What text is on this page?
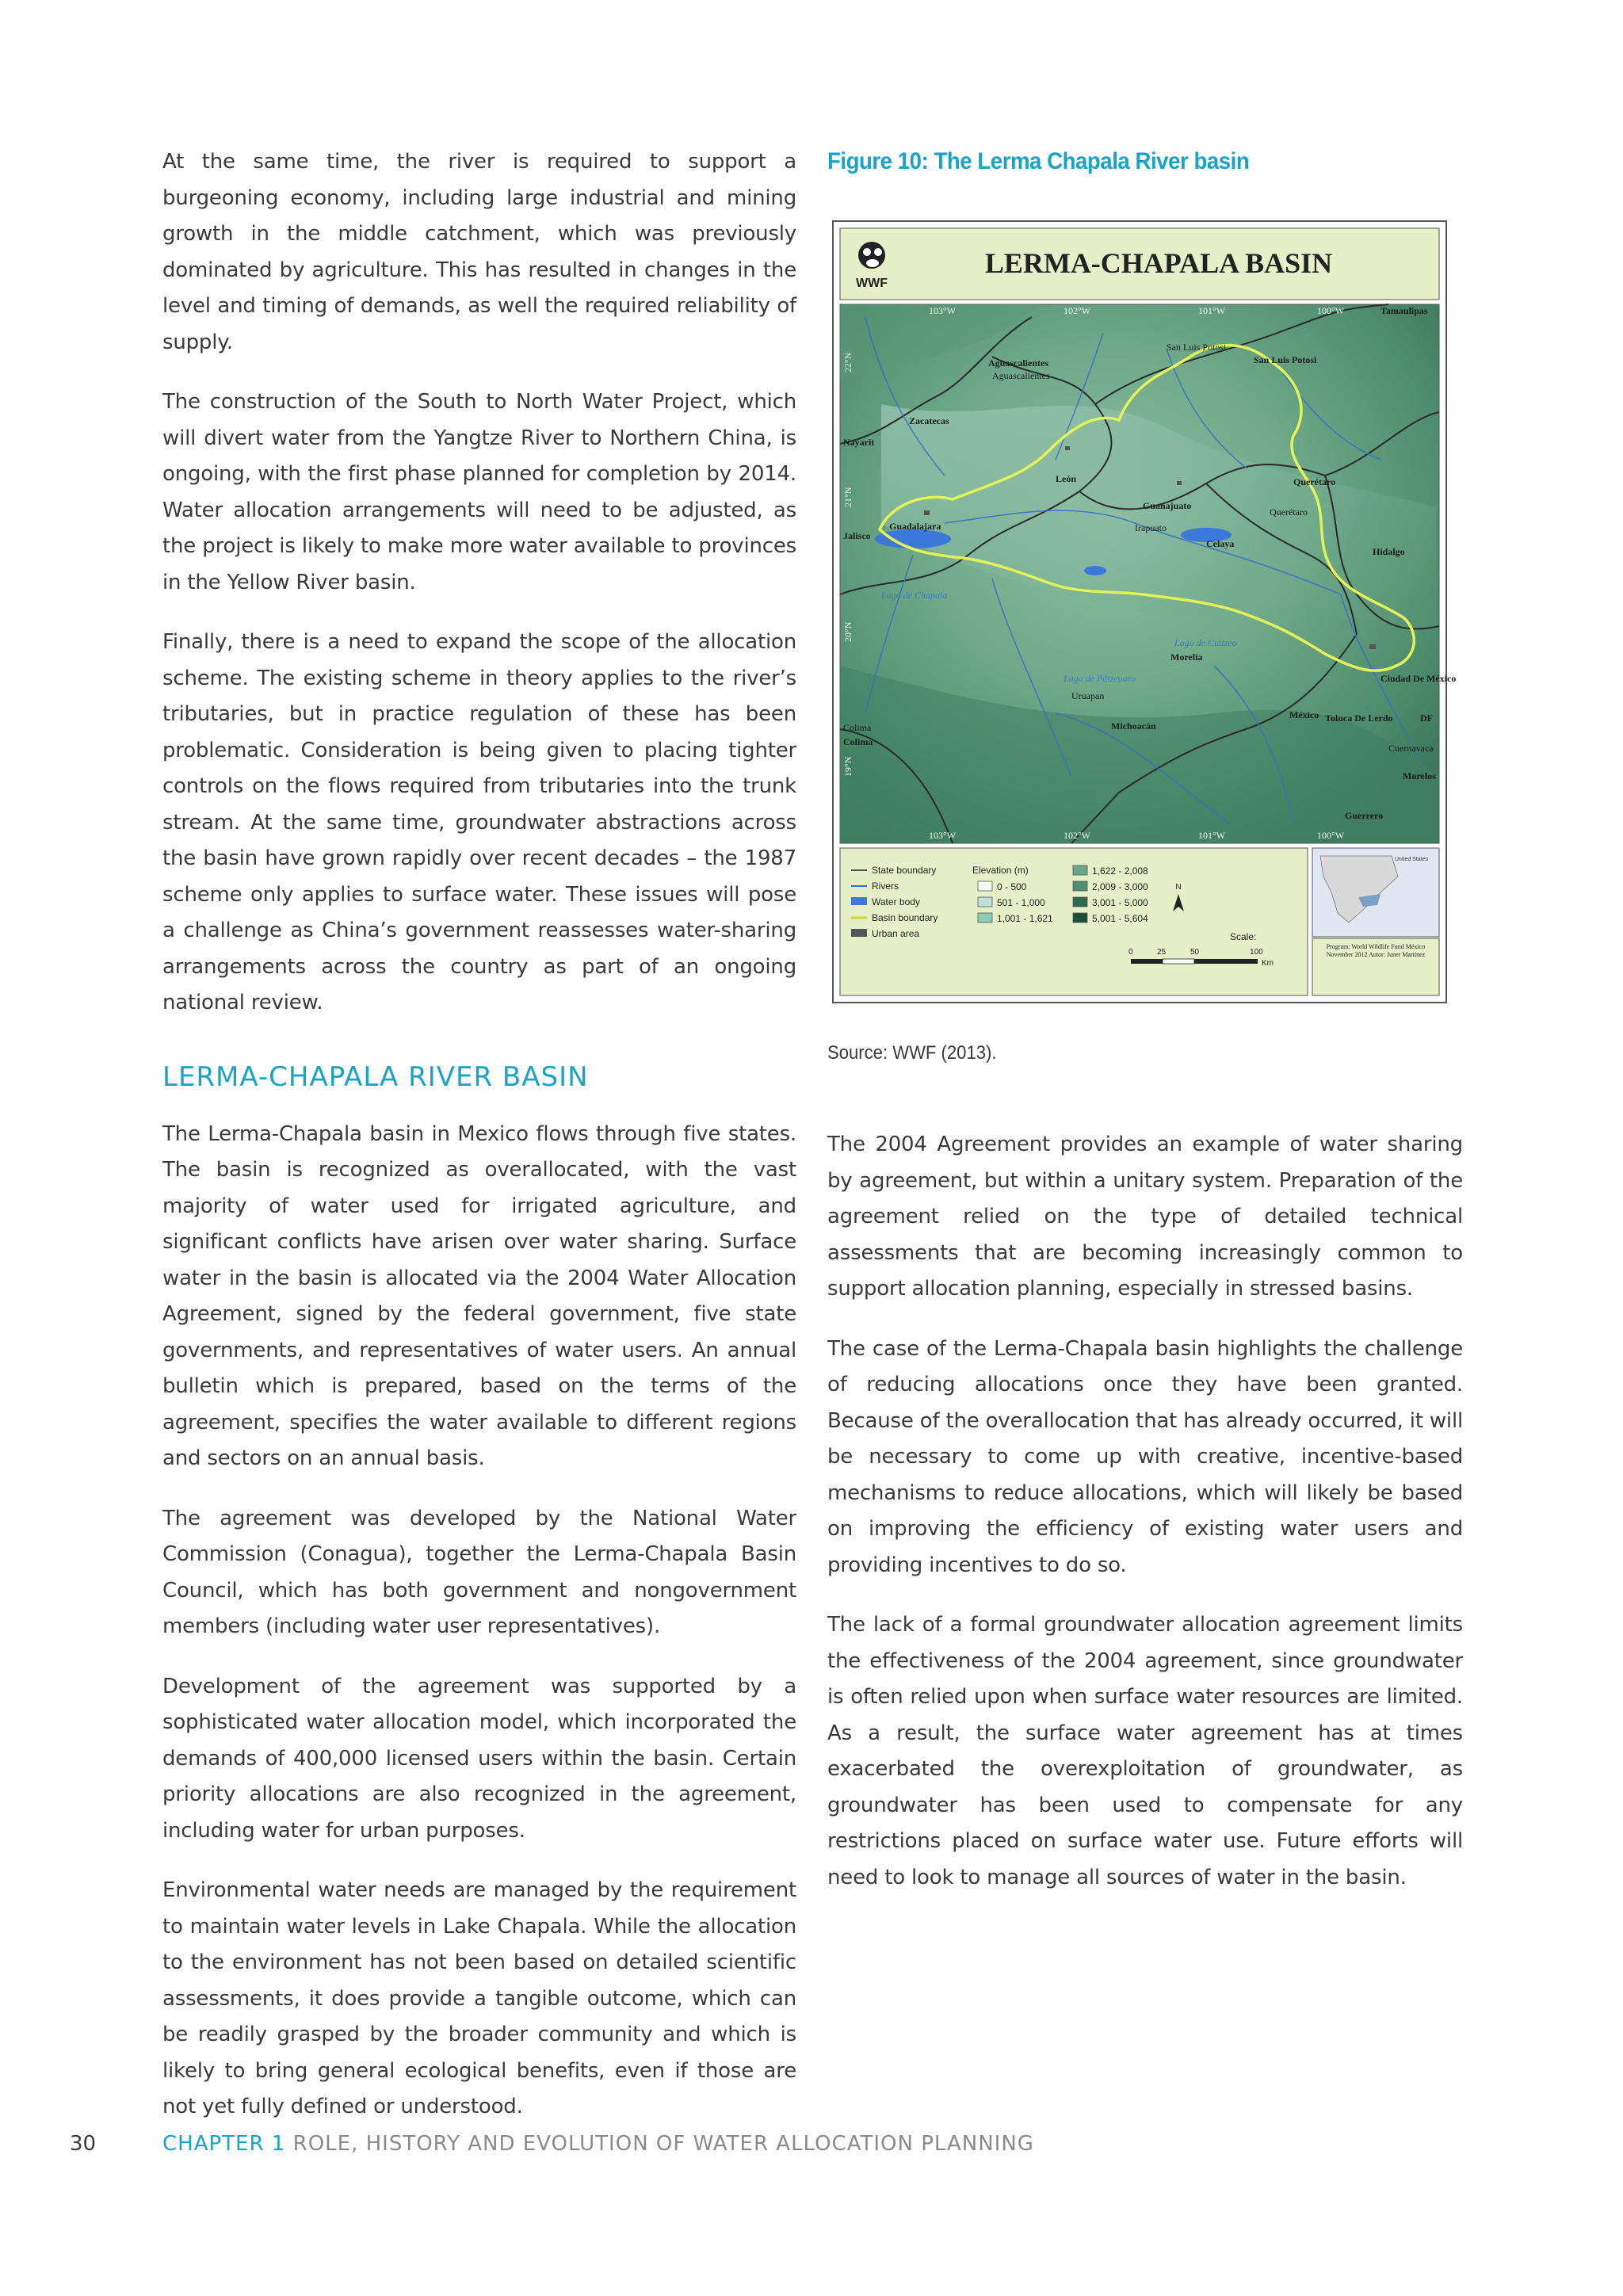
At the same time, the river is required to support a burgeoning economy, including large industrial and mining growth in the middle catchment, which was previously dominated by agriculture. This has resulted in changes in the level and timing of demands, as well the required reliability of supply.

The construction of the South to North Water Project, which will divert water from the Yangtze River to Northern China, is ongoing, with the first phase planned for completion by 2014. Water allocation arrangements will need to be adjusted, as the project is likely to make more water available to provinces in the Yellow River basin.

Finally, there is a need to expand the scope of the allocation scheme. The existing scheme in theory applies to the river’s tributaries, but in practice regulation of these has been problematic. Consideration is being given to placing tighter controls on the flows required from tributaries into the trunk stream. At the same time, groundwater abstractions across the basin have grown rapidly over recent decades – the 1987 scheme only applies to surface water. These issues will pose a challenge as China’s government reassesses water-sharing arrangements across the country as part of an ongoing national review.

LERMA-CHAPALA RIVER BASIN

The Lerma-Chapala basin in Mexico flows through five states. The basin is recognized as overallocated, with the vast majority of water used for irrigated agriculture, and significant conflicts have arisen over water sharing. Surface water in the basin is allocated via the 2004 Water Allocation Agreement, signed by the federal government, five state governments, and representatives of water users. An annual bulletin which is prepared, based on the terms of the agreement, specifies the water available to different regions and sectors on an annual basis.

The agreement was developed by the National Water Commission (Conagua), together the Lerma-Chapala Basin Council, which has both government and nongovernment members (including water user representatives).

Development of the agreement was supported by a sophisticated water allocation model, which incorporated the demands of 400,000 licensed users within the basin. Certain priority allocations are also recognized in the agreement, including water for urban purposes.

Environmental water needs are managed by the requirement to maintain water levels in Lake Chapala. While the allocation to the environment has not been based on detailed scientific assessments, it does provide a tangible outcome, which can be readily grasped by the broader community and which is likely to bring general ecological benefits, even if those are not yet fully defined or understood.

Figure 10: The Lerma Chapala River basin
WWF
LERMA-CHAPALA BASIN
103°W	102°W	101°W	100°W
103°W	102°W	101°W	100°W
22°N
21°N
20°N
19°N
Tamaulipas
San Luis Potosi
San Luis Potosi
Aguascalientes
Aguascalientes
Zacatecas
Nayarit
León
Guanajuato
Querétaro
Querétaro
Jalisco
Guadalajara	Irapuato
Celaya
Hidalgo
Lago de Chapala
Lago de Cuitzeo
Morelia
Lago de Pátzcuaro
Uruapan
Ciudad De México
México Toluca De Lerdo	DF
Michoacán
Colima
Colima
Cuernavaca
Morelos
Guerrero
State boundary
Rivers
Water body
Basin boundary
Urban area
Elevation (m)
0 - 500
501 - 1,000
1,001 - 1,621
1,622 - 2,008
2,009 - 3,000
3,001 - 5,000
5,001 - 5,604
N
Scale:
0	25	50	100
Km
United States
Program: World Wildlife Fund México November 2012 Autor: Juner Martínez
Source: WWF (2013).

The 2004 Agreement provides an example of water sharing by agreement, but within a unitary system. Preparation of the agreement relied on the type of detailed technical assessments that are becoming increasingly common to support allocation planning, especially in stressed basins.

The case of the Lerma-Chapala basin highlights the challenge of reducing allocations once they have been granted. Because of the overallocation that has already occurred, it will be necessary to come up with creative, incentive-based mechanisms to reduce allocations, which will likely be based on improving the efficiency of existing water users and providing incentives to do so.

The lack of a formal groundwater allocation agreement limits the effectiveness of the 2004 agreement, since groundwater is often relied upon when surface water resources are limited. As a result, the surface water agreement has at times exacerbated the overexploitation of groundwater, as groundwater has been used to compensate for any restrictions placed on surface water use. Future efforts will need to look to manage all sources of water in the basin.

30	CHAPTER 1 ROLE, HISTORY AND EVOLUTION OF WATER ALLOCATION PLANNING
